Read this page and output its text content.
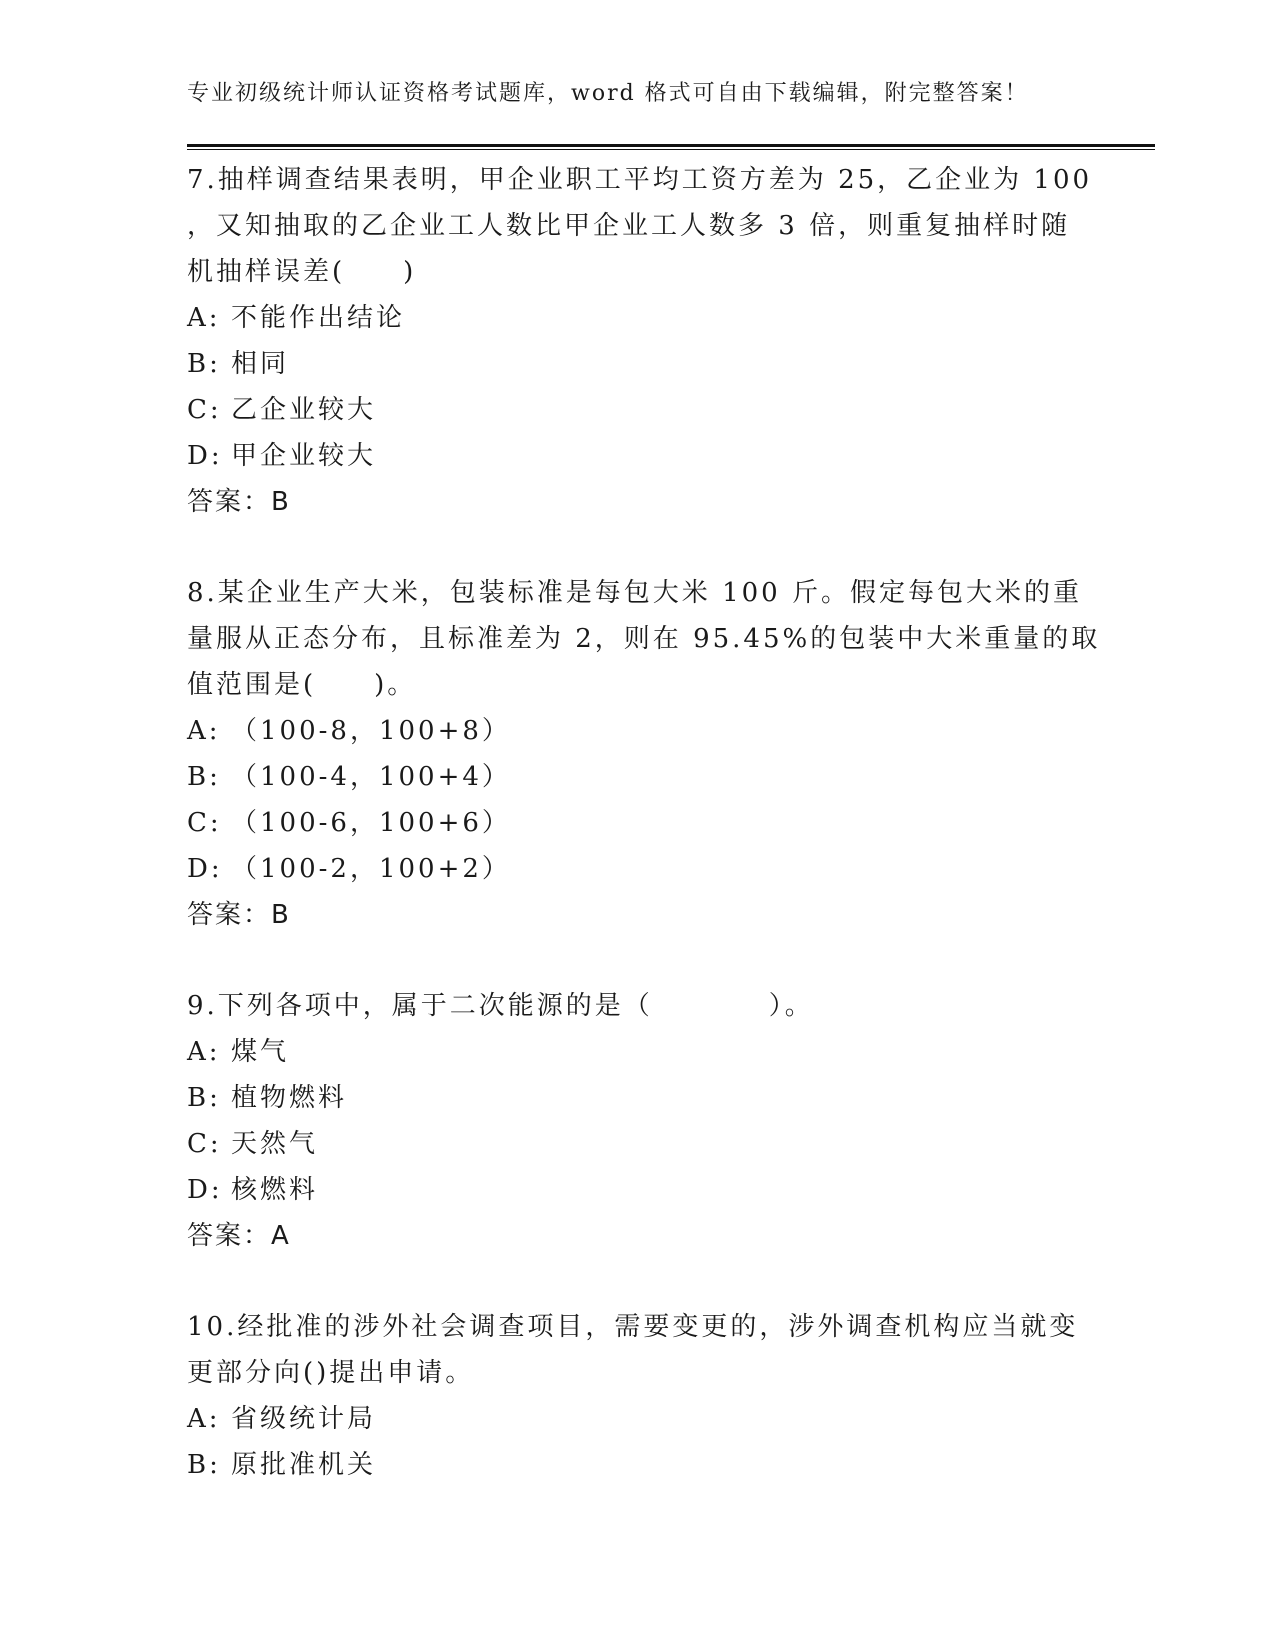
专业初级统计师认证资格考试题库，word 格式可自由下载编辑，附完整答案！
7.抽样调查结果表明，甲企业职工平均工资方差为 25，乙企业为 100
，又知抽取的乙企业工人数比甲企业工人数多 3 倍，则重复抽样时随
机抽样误差(　　)
A: 不能作出结论
B: 相同
C: 乙企业较大
D: 甲企业较大
答案：B
8.某企业生产大米，包装标准是每包大米 100 斤。假定每包大米的重
量服从正态分布，且标准差为 2，则在 95.45%的包装中大米重量的取
值范围是(　　)。
A: （100-8，100+8）
B: （100-4，100+4）
C: （100-6，100+6）
D: （100-2，100+2）
答案：B
9.下列各项中，属于二次能源的是（　　　　）。
A: 煤气
B: 植物燃料
C: 天然气
D: 核燃料
答案：A
10.经批准的涉外社会调查项目，需要变更的，涉外调查机构应当就变
更部分向()提出申请。
A: 省级统计局
B: 原批准机关
